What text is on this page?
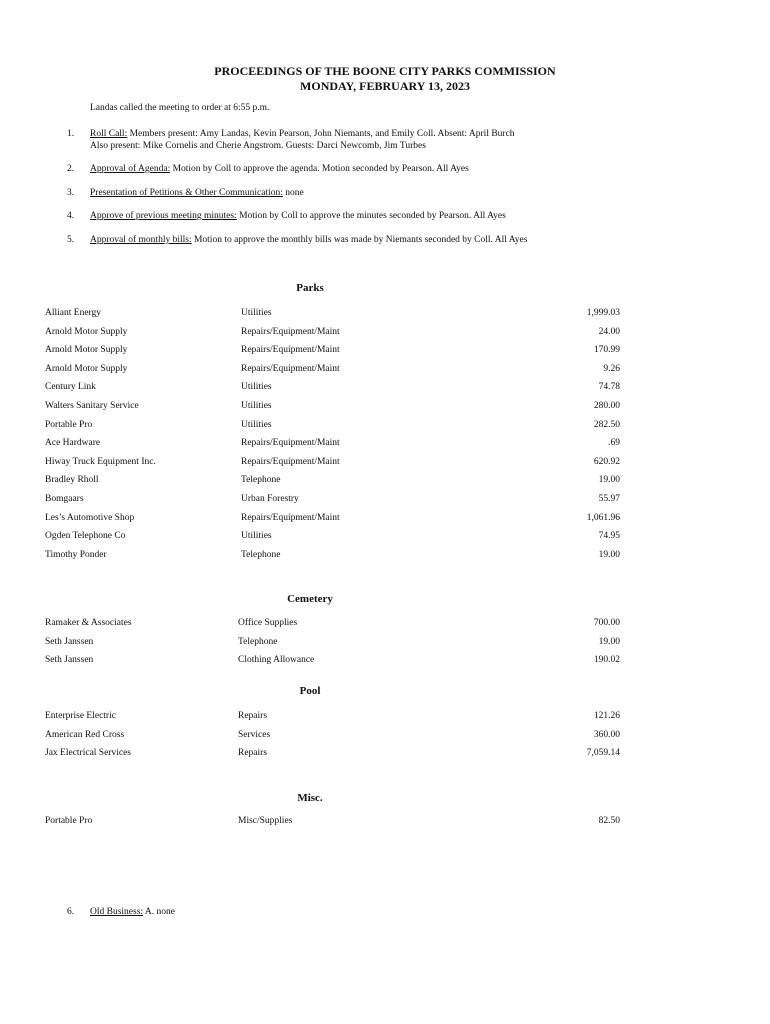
PROCEEDINGS OF THE BOONE CITY PARKS COMMISSION
MONDAY, FEBRUARY 13, 2023
Landas called the meeting to order at 6:55 p.m.
1. Roll Call: Members present: Amy Landas, Kevin Pearson, John Niemants, and Emily Coll. Absent: April Burch
Also present: Mike Cornelis and Cherie Angstrom. Guests: Darci Newcomb, Jim Turbes
2. Approval of Agenda: Motion by Coll to approve the agenda. Motion seconded by Pearson. All Ayes
3. Presentation of Petitions & Other Communication: none
4. Approve of previous meeting minutes: Motion by Coll to approve the minutes seconded by Pearson. All Ayes
5. Approval of monthly bills: Motion to approve the monthly bills was made by Niemants seconded by Coll. All Ayes
Parks
Alliant Energy	Utilities	1,999.03
Arnold Motor Supply	Repairs/Equipment/Maint	24.00
Arnold Motor Supply	Repairs/Equipment/Maint	170.99
Arnold Motor Supply	Repairs/Equipment/Maint	9.26
Century Link	Utilities	74.78
Walters Sanitary Service	Utilities	280.00
Portable Pro	Utilities	282.50
Ace Hardware	Repairs/Equipment/Maint	.69
Hiway Truck Equipment Inc.	Repairs/Equipment/Maint	620.92
Bradley Rholl	Telephone	19.00
Bomgaars	Urban Forestry	55.97
Les’s Automotive Shop	Repairs/Equipment/Maint	1,061.96
Ogden Telephone Co	Utilities	74.95
Timothy Ponder	Telephone	19.00
Cemetery
Ramaker & Associates	Office Supplies	700.00
Seth Janssen	Telephone	19.00
Seth Janssen	Clothing Allowance	190.02
Pool
Enterprise Electric	Repairs	121.26
American Red Cross	Services	360.00
Jax Electrical Services	Repairs	7,059.14
Misc.
Portable Pro	Misc/Supplies	82.50
6. Old Business: A. none
